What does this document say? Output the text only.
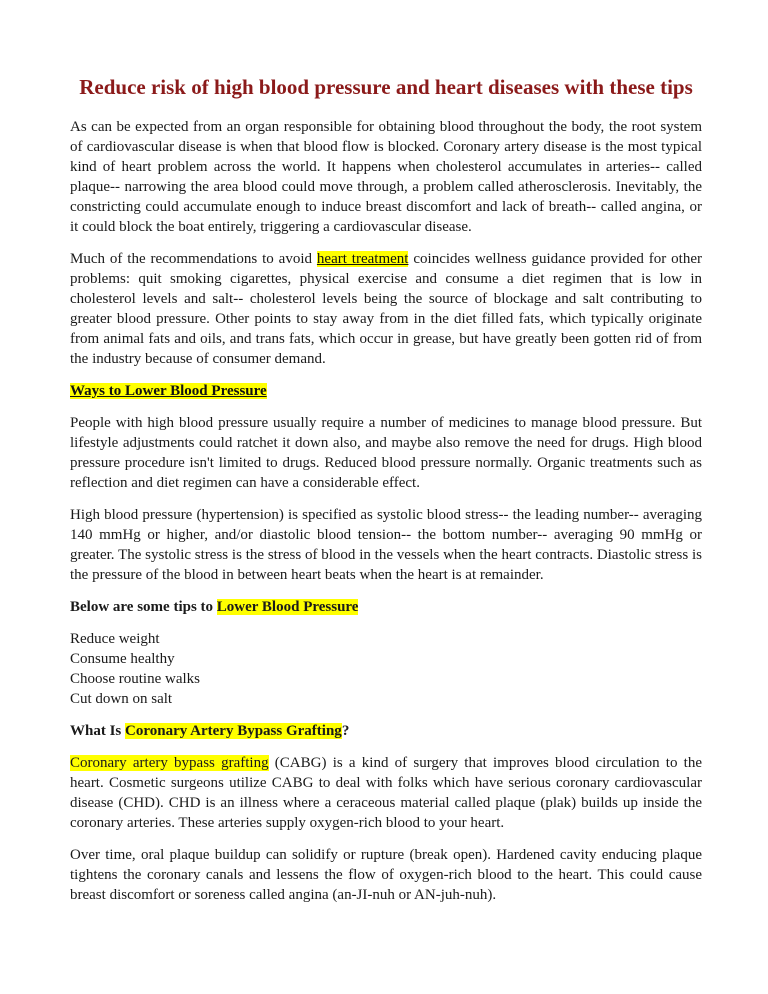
Reduce risk of high blood pressure and heart diseases with these tips

As can be expected from an organ responsible for obtaining blood throughout the body, the root system of cardiovascular disease is when that blood flow is blocked. Coronary artery disease is the most typical kind of heart problem across the world. It happens when cholesterol accumulates in arteries-- called plaque-- narrowing the area blood could move through, a problem called atherosclerosis. Inevitably, the constricting could accumulate enough to induce breast discomfort and lack of breath-- called angina, or it could block the boat entirely, triggering a cardiovascular disease.

Much of the recommendations to avoid heart treatment coincides wellness guidance provided for other problems: quit smoking cigarettes, physical exercise and consume a diet regimen that is low in cholesterol levels and salt-- cholesterol levels being the source of blockage and salt contributing to greater blood pressure. Other points to stay away from in the diet filled fats, which typically originate from animal fats and oils, and trans fats, which occur in grease, but have greatly been gotten rid of from the industry because of consumer demand.

Ways to Lower Blood Pressure

People with high blood pressure usually require a number of medicines to manage blood pressure. But lifestyle adjustments could ratchet it down also, and maybe also remove the need for drugs. High blood pressure procedure isn't limited to drugs. Reduced blood pressure normally. Organic treatments such as reflection and diet regimen can have a considerable effect.

High blood pressure (hypertension) is specified as systolic blood stress-- the leading number-- averaging 140 mmHg or higher, and/or diastolic blood tension-- the bottom number-- averaging 90 mmHg or greater. The systolic stress is the stress of blood in the vessels when the heart contracts. Diastolic stress is the pressure of the blood in between heart beats when the heart is at remainder.

Below are some tips to Lower Blood Pressure

Reduce weight
Consume healthy
Choose routine walks
Cut down on salt

What Is Coronary Artery Bypass Grafting?

Coronary artery bypass grafting (CABG) is a kind of surgery that improves blood circulation to the heart. Cosmetic surgeons utilize CABG to deal with folks which have serious coronary cardiovascular disease (CHD). CHD is an illness where a ceraceous material called plaque (plak) builds up inside the coronary arteries. These arteries supply oxygen-rich blood to your heart.

Over time, oral plaque buildup can solidify or rupture (break open). Hardened cavity enducing plaque tightens the coronary canals and lessens the flow of oxygen-rich blood to the heart. This could cause breast discomfort or soreness called angina (an-JI-nuh or AN-juh-nuh).
